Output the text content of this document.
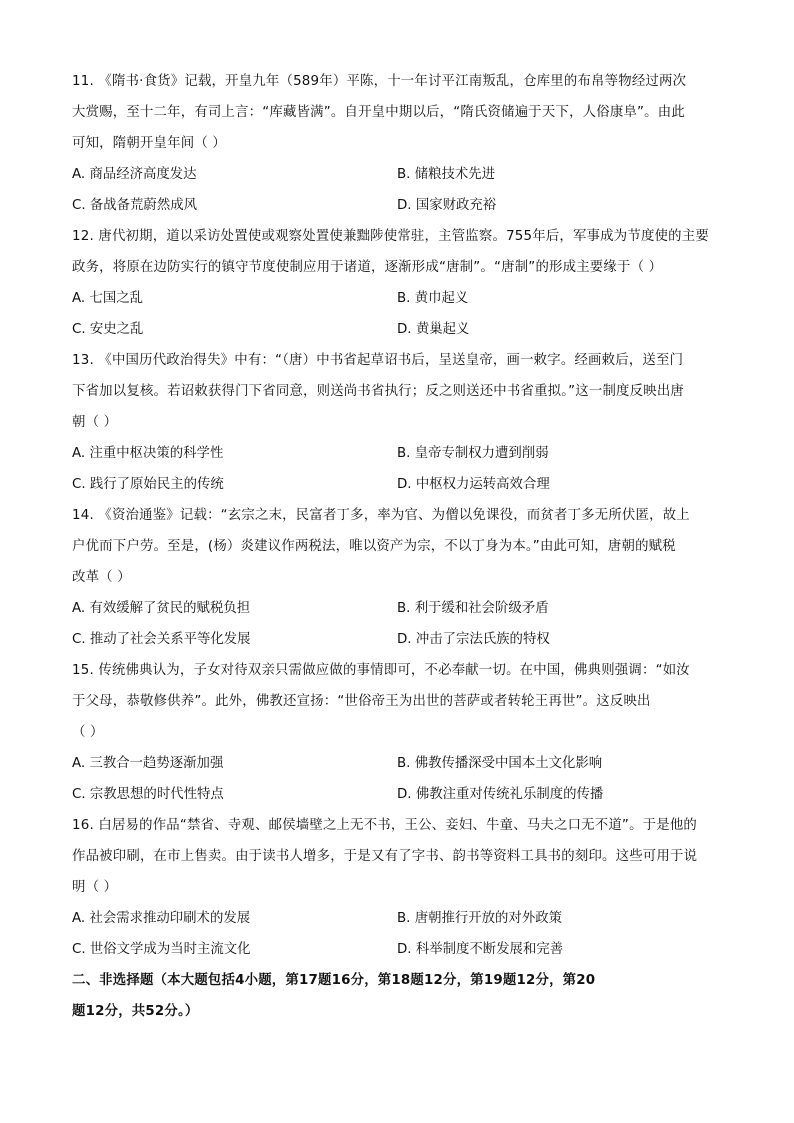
11. 《隋书·食货》记载，开皇九年（589年）平陈，十一年讨平江南叛乱，仓库里的布帛等物经过两次
大赏赐，至十二年，有司上言：“库藏皆满”。自开皇中期以后，“隋氏资储遍于天下，人俗康阜”。由此
可知，隋朝开皇年间（ ）
A. 商品经济高度发达	B. 储粮技术先进
C. 备战备荒蔚然成风	D. 国家财政充裕
12. 唐代初期，道以采访处置使或观察处置使兼黜陟使常驻，主管监察。755年后，军事成为节度使的主要
政务，将原在边防实行的镇守节度使制应用于诸道，逐渐形成“唐制”。“唐制”的形成主要缘于（ ）
A. 七国之乱	B. 黄巾起义
C. 安史之乱	D. 黄巢起义
13. 《中国历代政治得失》中有：“（唐）中书省起草诏书后，呈送皇帝，画一敕字。经画敕后，送至门
下省加以复核。若诏敕获得门下省同意，则送尚书省执行；反之则送还中书省重拟。”这一制度反映出唐
朝（ ）
A. 注重中枢决策的科学性	B. 皇帝专制权力遭到削弱
C. 践行了原始民主的传统	D. 中枢权力运转高效合理
14. 《资治通鉴》记载：“玄宗之末，民富者丁多，率为官、为僧以免课役，而贫者丁多无所伏匿，故上
户优而下户劳。至是，(杨）炎建议作两税法，唯以资产为宗，不以丁身为本。”由此可知，唐朝的赋税
改革（ ）
A. 有效缓解了贫民的赋税负担	B. 利于缓和社会阶级矛盾
C. 推动了社会关系平等化发展	D. 冲击了宗法氏族的特权
15. 传统佛典认为，子女对待双亲只需做应做的事情即可，不必奉献一切。在中国，佛典则强调：“如汝
于父母，恭敬修供养”。此外，佛教还宣扬：“世俗帝王为出世的菩萨或者转轮王再世”。这反映出
（ ）
A. 三教合一趋势逐渐加强	B. 佛教传播深受中国本土文化影响
C. 宗教思想的时代性特点	D. 佛教注重对传统礼乐制度的传播
16. 白居易的作品“禁省、寺观、邮侯墙壁之上无不书，王公、妾妇、牛童、马夫之口无不道”。于是他的
作品被印刷，在市上售卖。由于读书人增多，于是又有了字书、韵书等资料工具书的刻印。这些可用于说
明（ ）
A. 社会需求推动印刷术的发展	B. 唐朝推行开放的对外政策
C. 世俗文学成为当时主流文化	D. 科举制度不断发展和完善
二、非选择题（本大题包括4小题，第17题16分，第18题12分，第19题12分，第20
题12分，共52分。）
